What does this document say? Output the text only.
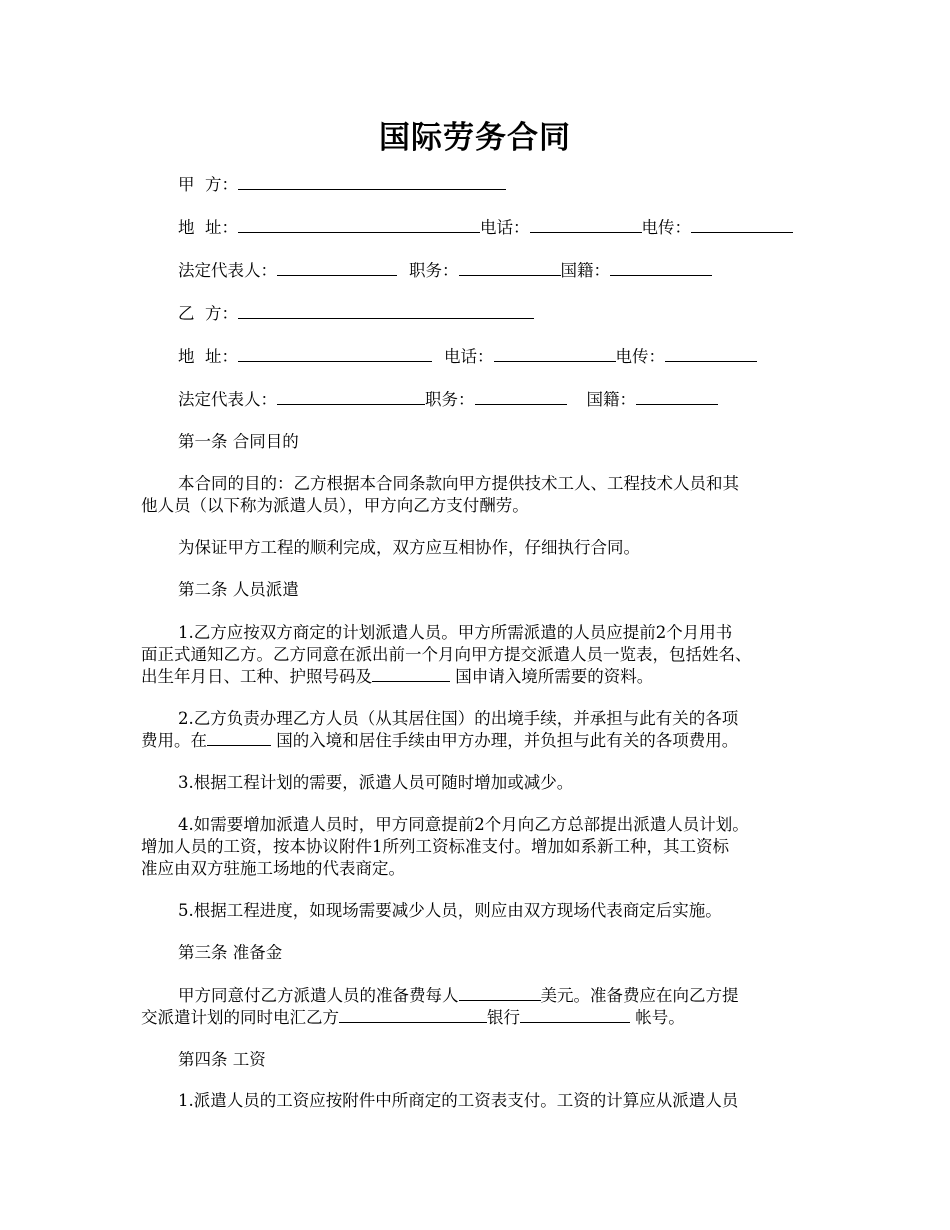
国际劳务合同
甲  方：
地  址：	电话：	电传：
法定代表人：	职务：	国籍：
乙  方：
地  址：	电话：	电传：
法定代表人：	职务：	国籍：
第一条 合同目的
本合同的目的：乙方根据本合同条款向甲方提供技术工人、工程技术人员和其
他人员（以下称为派遣人员），甲方向乙方支付酬劳。
为保证甲方工程的顺利完成，双方应互相协作，仔细执行合同。
第二条 人员派遣
1.乙方应按双方商定的计划派遣人员。甲方所需派遣的人员应提前2个月用书
面正式通知乙方。乙方同意在派出前一个月向甲方提交派遣人员一览表，包括姓名、
出生年月日、工种、护照号码及	国申请入境所需要的资料。
2.乙方负责办理乙方人员（从其居住国）的出境手续，并承担与此有关的各项
费用。在	国的入境和居住手续由甲方办理，并负担与此有关的各项费用。
3.根据工程计划的需要，派遣人员可随时增加或减少。
4.如需要增加派遣人员时，甲方同意提前2个月向乙方总部提出派遣人员计划。
增加人员的工资，按本协议附件1所列工资标准支付。增加如系新工种，其工资标
准应由双方驻施工场地的代表商定。
5.根据工程进度，如现场需要减少人员，则应由双方现场代表商定后实施。
第三条 准备金
甲方同意付乙方派遣人员的准备费每人	美元。准备费应在向乙方提
交派遣计划的同时电汇乙方	银行	帐号。
第四条 工资
1.派遣人员的工资应按附件中所商定的工资表支付。工资的计算应从派遣人员
